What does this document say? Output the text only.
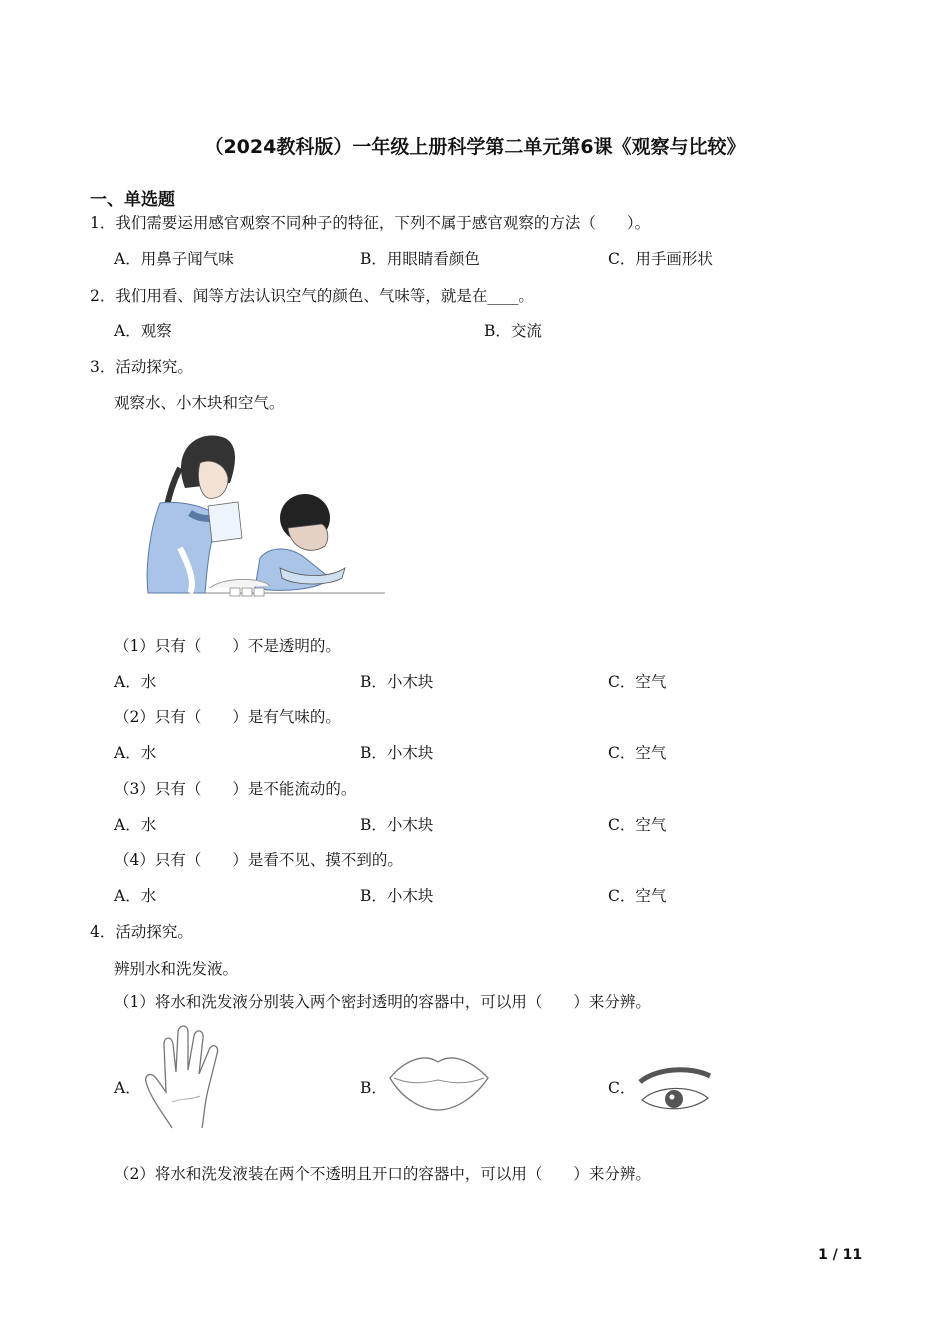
（2024教科版）一年级上册科学第二单元第6课《观察与比较》
一、单选题
1．我们需要运用感官观察不同种子的特征，下列不属于感官观察的方法（　　）。
A．用鼻子闻气味	B．用眼睛看颜色	C．用手画形状
2．我们用看、闻等方法认识空气的颜色、气味等，就是在____。
A．观察	B．交流
3．活动探究。
观察水、小木块和空气。
（1）只有（　　）不是透明的。
A．水	B．小木块	C．空气
（2）只有（　　）是有气味的。
A．水	B．小木块	C．空气
（3）只有（　　）是不能流动的。
A．水	B．小木块	C．空气
（4）只有（　　）是看不见、摸不到的。
A．水	B．小木块	C．空气
4．活动探究。
辨别水和洗发液。
（1）将水和洗发液分别装入两个密封透明的容器中，可以用（　　）来分辨。
A．	B．	C．
（2）将水和洗发液装在两个不透明且开口的容器中，可以用（　　）来分辨。
1 / 11
